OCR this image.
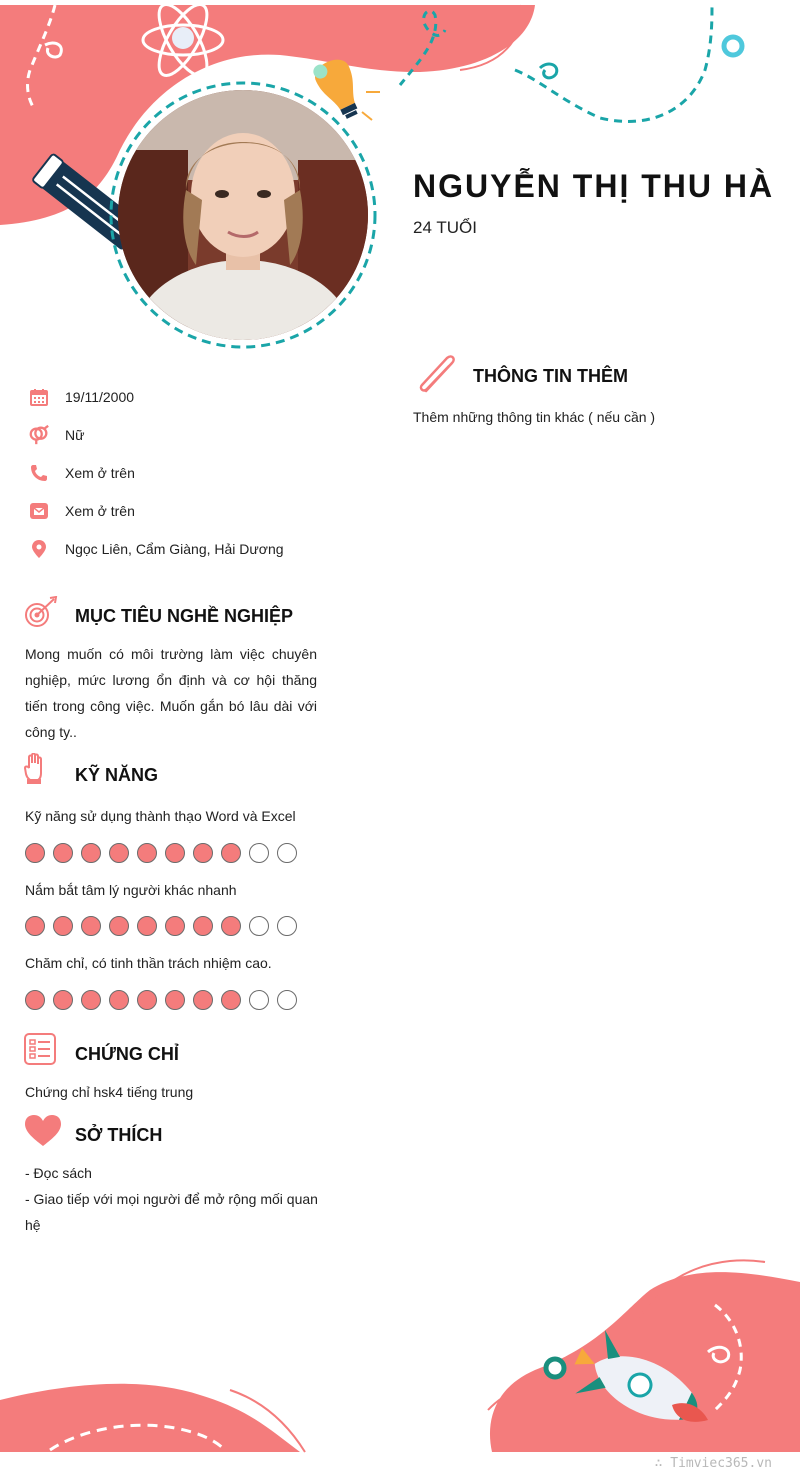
NGUYỄN THỊ THU HÀ
24 TUỔI
19/11/2000
Nữ
Xem ở trên
Xem ở trên
Ngọc Liên, Cẩm Giàng, Hải Dương
MỤC TIÊU NGHỀ NGHIỆP
Mong muốn có môi trường làm việc chuyên nghiệp, mức lương ổn định và cơ hội thăng tiến trong công việc. Muốn gắn bó lâu dài với công ty..
KỸ NĂNG
Kỹ năng sử dụng thành thạo Word và Excel
Nắm bắt tâm lý người khác nhanh
Chăm chỉ, có tinh thần trách nhiệm cao.
CHỨNG CHỈ
Chứng chỉ hsk4 tiếng trung
SỞ THÍCH
- Đọc sách
- Giao tiếp với mọi người để mở rộng mối quan
hệ
THÔNG TIN THÊM
Thêm những thông tin khác ( nếu cần )
∴ Timviec365.vn
